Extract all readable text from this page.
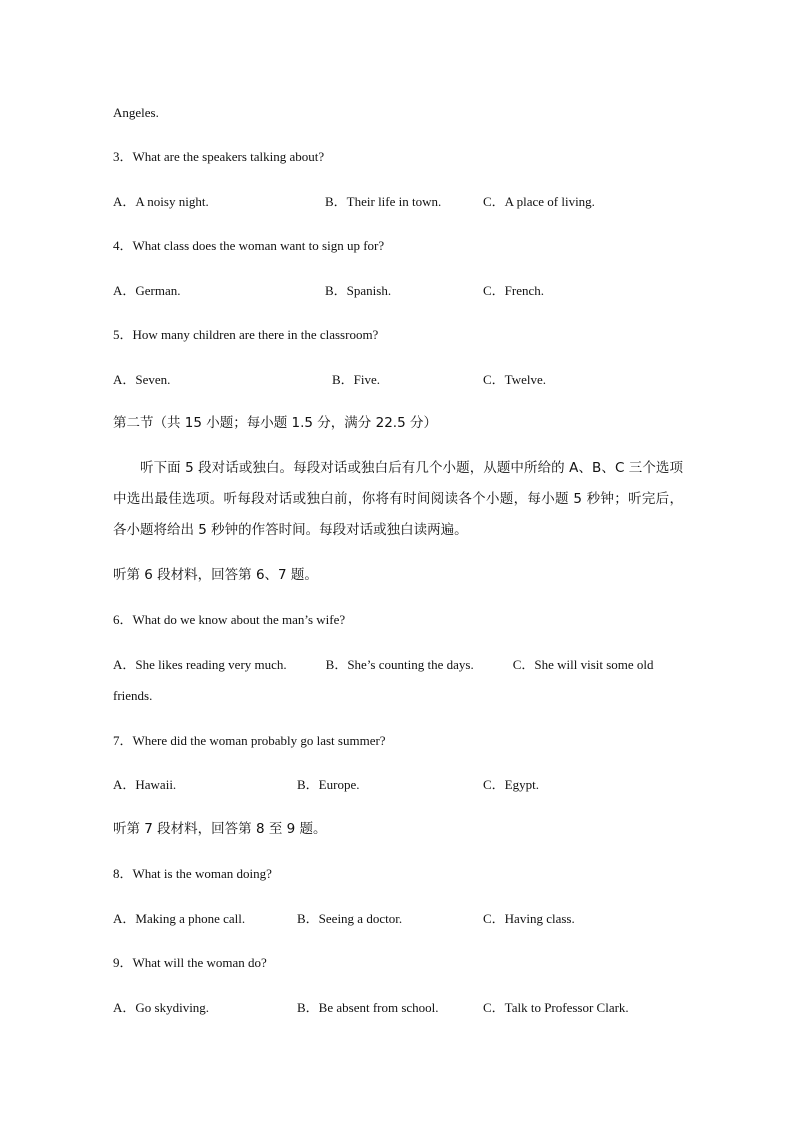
Angeles.
3．What are the speakers talking about?
A．A noisy night.	B．Their life in town.	C．A place of living.
4．What class does the woman want to sign up for?
A．German.	B．Spanish.	C．French.
5．How many children are there in the classroom?
A．Seven.	B．Five.	C．Twelve.
第二节（共 15 小题；每小题 1.5 分，满分 22.5 分）
听下面 5 段对话或独白。每段对话或独白后有几个小题，从题中所给的 A、B、C 三个选项中选出最佳选项。听每段对话或独白前，你将有时间阅读各个小题，每小题 5 秒钟；听完后，各小题将给出 5 秒钟的作答时间。每段对话或独白读两遍。
听第 6 段材料，回答第 6、7 题。
6．What do we know about the man’s wife?
A．She likes reading very much.　　　B．She’s counting the days.　　　C．She will visit some old friends.
7．Where did the woman probably go last summer?
A．Hawaii.	B．Europe.	C．Egypt.
听第 7 段材料，回答第 8 至 9 题。
8．What is the woman doing?
A．Making a phone call.	B．Seeing a doctor.	C．Having class.
9．What will the woman do?
A．Go skydiving.	B．Be absent from school.	C．Talk to Professor Clark.
